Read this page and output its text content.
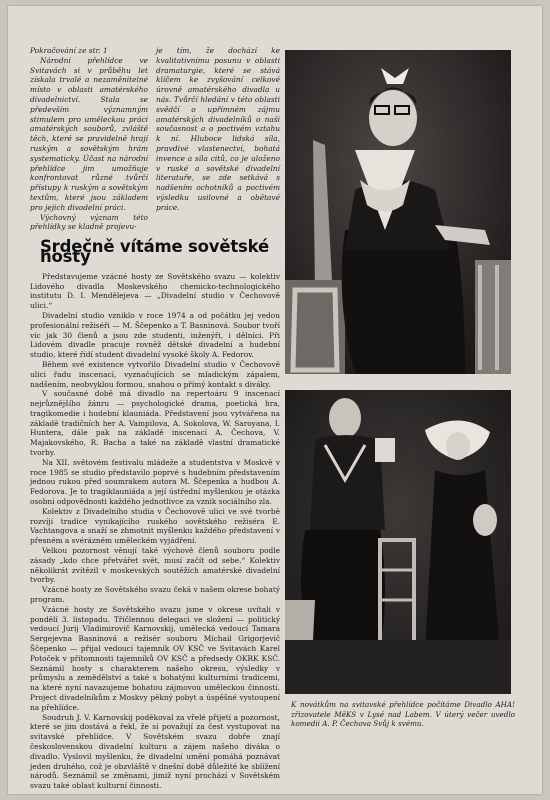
Pokračování ze str. 1

Národní přehlídce ve Svitavách si v průběhu let získala trvalé a nezaměnitelné místo v oblasti amatérského divadelnictví. Stala se především významným stimulem pro uměleckou práci amatérských souborů, zvláště těch, které se pravidelně hrají ruským a sovětským hrám systematicky. Účast na národní přehlídce jim umožňuje konfrontovat různé tvůrčí přístupy k ruským a sovětským textům, které jsou základem pro jejich divadelní práci.

Výchovný význam této přehlídky se kladně projevu-

je tím, že dochází ke kvalitativnímu posunu v oblasti dramaturgie, které se stává klíčem ke zvyšování celkové úrovně amatérského divadla u nás. Tvůrčí hledání v této oblasti svědčí o upřímném zájmu amatérských divadelníků o naši současnost a o poctivém vztahu k ní. Hluboce lidská síla, pravdivé vlastenectví, bohatá invence a síla citů, co je uloženo v ruské a sovětské divadelní literatuře, se zde setkává s nadšením ochotníků a poctivém výsledku usilovné a obětavé práce.

Srdečně vítáme sovětské hosty

Představujeme vzácné hosty ze Sovětského svazu — kolektiv Lidového divadla Moskevského chemicko-technologického institutu D. I. Mendělejeva — „Divadelní studio v Čechovově ulici.“

Divadelní studio vzniklo v roce 1974 a od počátku jej vedou profesionální režiséři — M. Ščepenko a T. Basninová. Soubor tvoří víc jak 30 členů a jsou zde studenti, inženýři, i dělníci. Při Lidovém divadle pracuje rovněž dětské divadelní a hudební studio, které řídí student divadelní vysoké školy A. Fedorov.

Během své existence vytvořilo Divadelní studio v Čechovově ulici řadu inscenací, vyznačujících se mladickým zápalem, nadšením, neobvyklou formou, snahou o přímý kontakt s diváky.

V současné době má divadlo na repertoáru 9 inscenací nejrůznějšího žánru — psychologické drama, poetická hra, tragikomedie i hudební klauniáda. Představení jsou vytvářena na základě tradičních her A. Vampilova, A. Sokolova, W. Saroyana, I. Huntera, dále pak na základě inscenací A. Čechova, V. Majakovského, R. Bacha a také na základě vlastní dramatické tvorby.

Na XII. světovém festivalu mládeže a studentstva v Moskvě v roce 1985 se studio představilo poprvé s hudebním představením jednou rukou před soumrakem autora M. Ščepenka a hudbou A. Fedorova. Je to tragiklauniáda a její ústřední myšlenkou je otázka osobní odpovědnosti každého jednotlivce za vznik sociálního zla.

Kolektiv z Divadelního studia v Čechovově ulici ve své tvorbě rozvíjí tradice vynikajícího ruského sovětského režiséra E. Vachtangova a snaží se zhmotnit myšlenku každého představení v přesném a svérázném uměleckém vyjádření.

Velkou pozornost věnují také výchově členů souboru podle zásady „kdo chce přetvářet svět, musí začít od sebe.“ Kolektiv několikrát zvítězil v moskevských soutěžích amatérské divadelní tvorby.

Vzácné hosty ze Sovětského svazu čeká v našem okrese bohatý program.

Vzácné hosty ze Sovětského svazu jsme v okrese uvítali v pondělí 3. listopadu. Třičlennou delegaci ve složení — politický vedoucí Jurij Vladimirovič Karnovskij, umělecká vedoucí Tamara Sergejevna Basninová a režisér souboru Michail Grigorjevič Ščepenko — přijal vedoucí tajemník OV KSČ ve Svitavách Karel Potoček v přítomnosti tajemníků OV KSČ a předsedy OKRK KSČ. Seznámil hosty s charakterem našeho okresu, výsledky v průmyslu a zemědělství a také s bohatými kulturními tradicemi, na které nyní navazujeme bohatou zájmovou uměleckou činností. Project divadelníkům z Moskvy pěkný pobyt a úspěšné vystoupení na přehlídce.

Soudruh J. V. Karnovskij poděkoval za vřelé přijetí a pozornost, které se jim dostává a řekl, že si považují za čest vystupovat na svitavské přehlídce. V Sovětském svazu dobře znají československou divadelní kulturu a zájem našeho diváka o divadlo. Vyslovil myšlenku, že divadelní umění pomáhá poznávat jeden druhého, což je obzvláště v dnešní době důležité ke sblížení národů. Seznámil se změnami, jimiž nyní prochází v Sovětském svazu také oblast kulturní činnosti.

K novátkům na svitavské přehlídce počítáme Divadlo AHA! zřizovatele MěKS v Lysé nad Labem. V úterý večer uvedlo komedii A. P. Čechova Svůj k svému.
